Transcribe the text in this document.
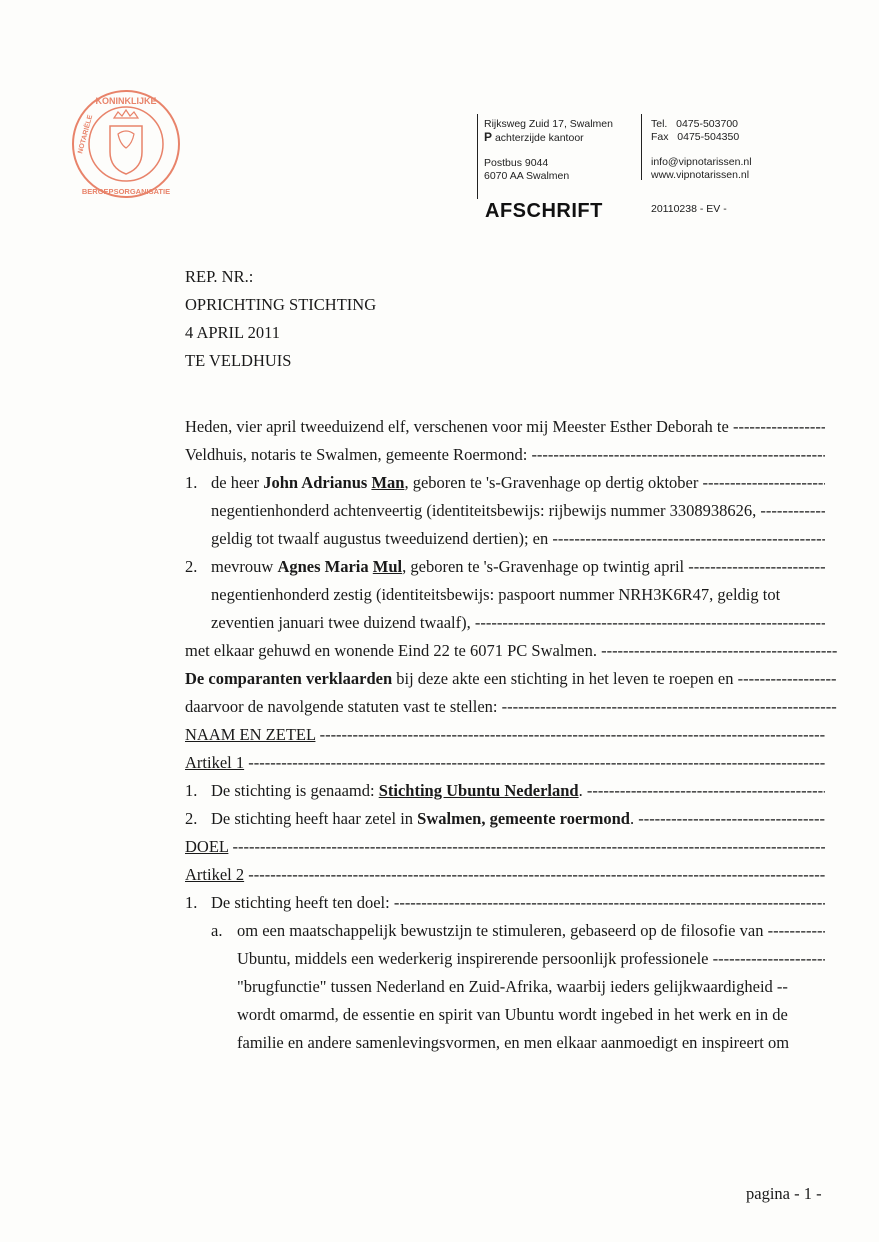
KONINKLIJKE
NOTARIËLE
BEROEPSORGANISATIE
Rijksweg Zuid 17, Swalmen
P achterzijde kantoor
Postbus 9044
6070 AA Swalmen
Tel. 0475-503700
Fax 0475-504350
info@vipnotarissen.nl
www.vipnotarissen.nl
AFSCHRIFT	20110238 - EV -
REP. NR.:
OPRICHTING STICHTING
4 APRIL 2011
TE VELDHUIS
Heden, vier april tweeduizend elf, verschenen voor mij Meester Esther Deborah te -----
Veldhuis, notaris te Swalmen, gemeente Roermond: -----
1. de heer John Adrianus Man, geboren te 's-Gravenhage op dertig oktober -----
negentienhonderd achtenveertig (identiteitsbewijs: rijbewijs nummer 3308938626, -----
geldig tot twaalf augustus tweeduizend dertien); en -----
2. mevrouw Agnes Maria Mul, geboren te 's-Gravenhage op twintig april -----
negentienhonderd zestig (identiteitsbewijs: paspoort nummer NRH3K6R47, geldig tot
zeventien januari twee duizend twaalf), -----
met elkaar gehuwd en wonende Eind 22 te 6071 PC Swalmen. -----
De comparanten verklaarden bij deze akte een stichting in het leven te roepen en -----
daarvoor de navolgende statuten vast te stellen: -----
NAAM EN ZETEL -----
Artikel 1 -----
1. De stichting is genaamd: Stichting Ubuntu Nederland. -----
2. De stichting heeft haar zetel in Swalmen, gemeente roermond. -----
DOEL -----
Artikel 2 -----
1. De stichting heeft ten doel: -----
a. om een maatschappelijk bewustzijn te stimuleren, gebaseerd op de filosofie van -----
Ubuntu, middels een wederkerig inspirerende persoonlijk professionele -----
"brugfunctie" tussen Nederland en Zuid-Afrika, waarbij ieders gelijkwaardigheid --
wordt omarmd, de essentie en spirit van Ubuntu wordt ingebed in het werk en in de
familie en andere samenlevingsvormen, en men elkaar aanmoedigt en inspireert om
pagina - 1 -
